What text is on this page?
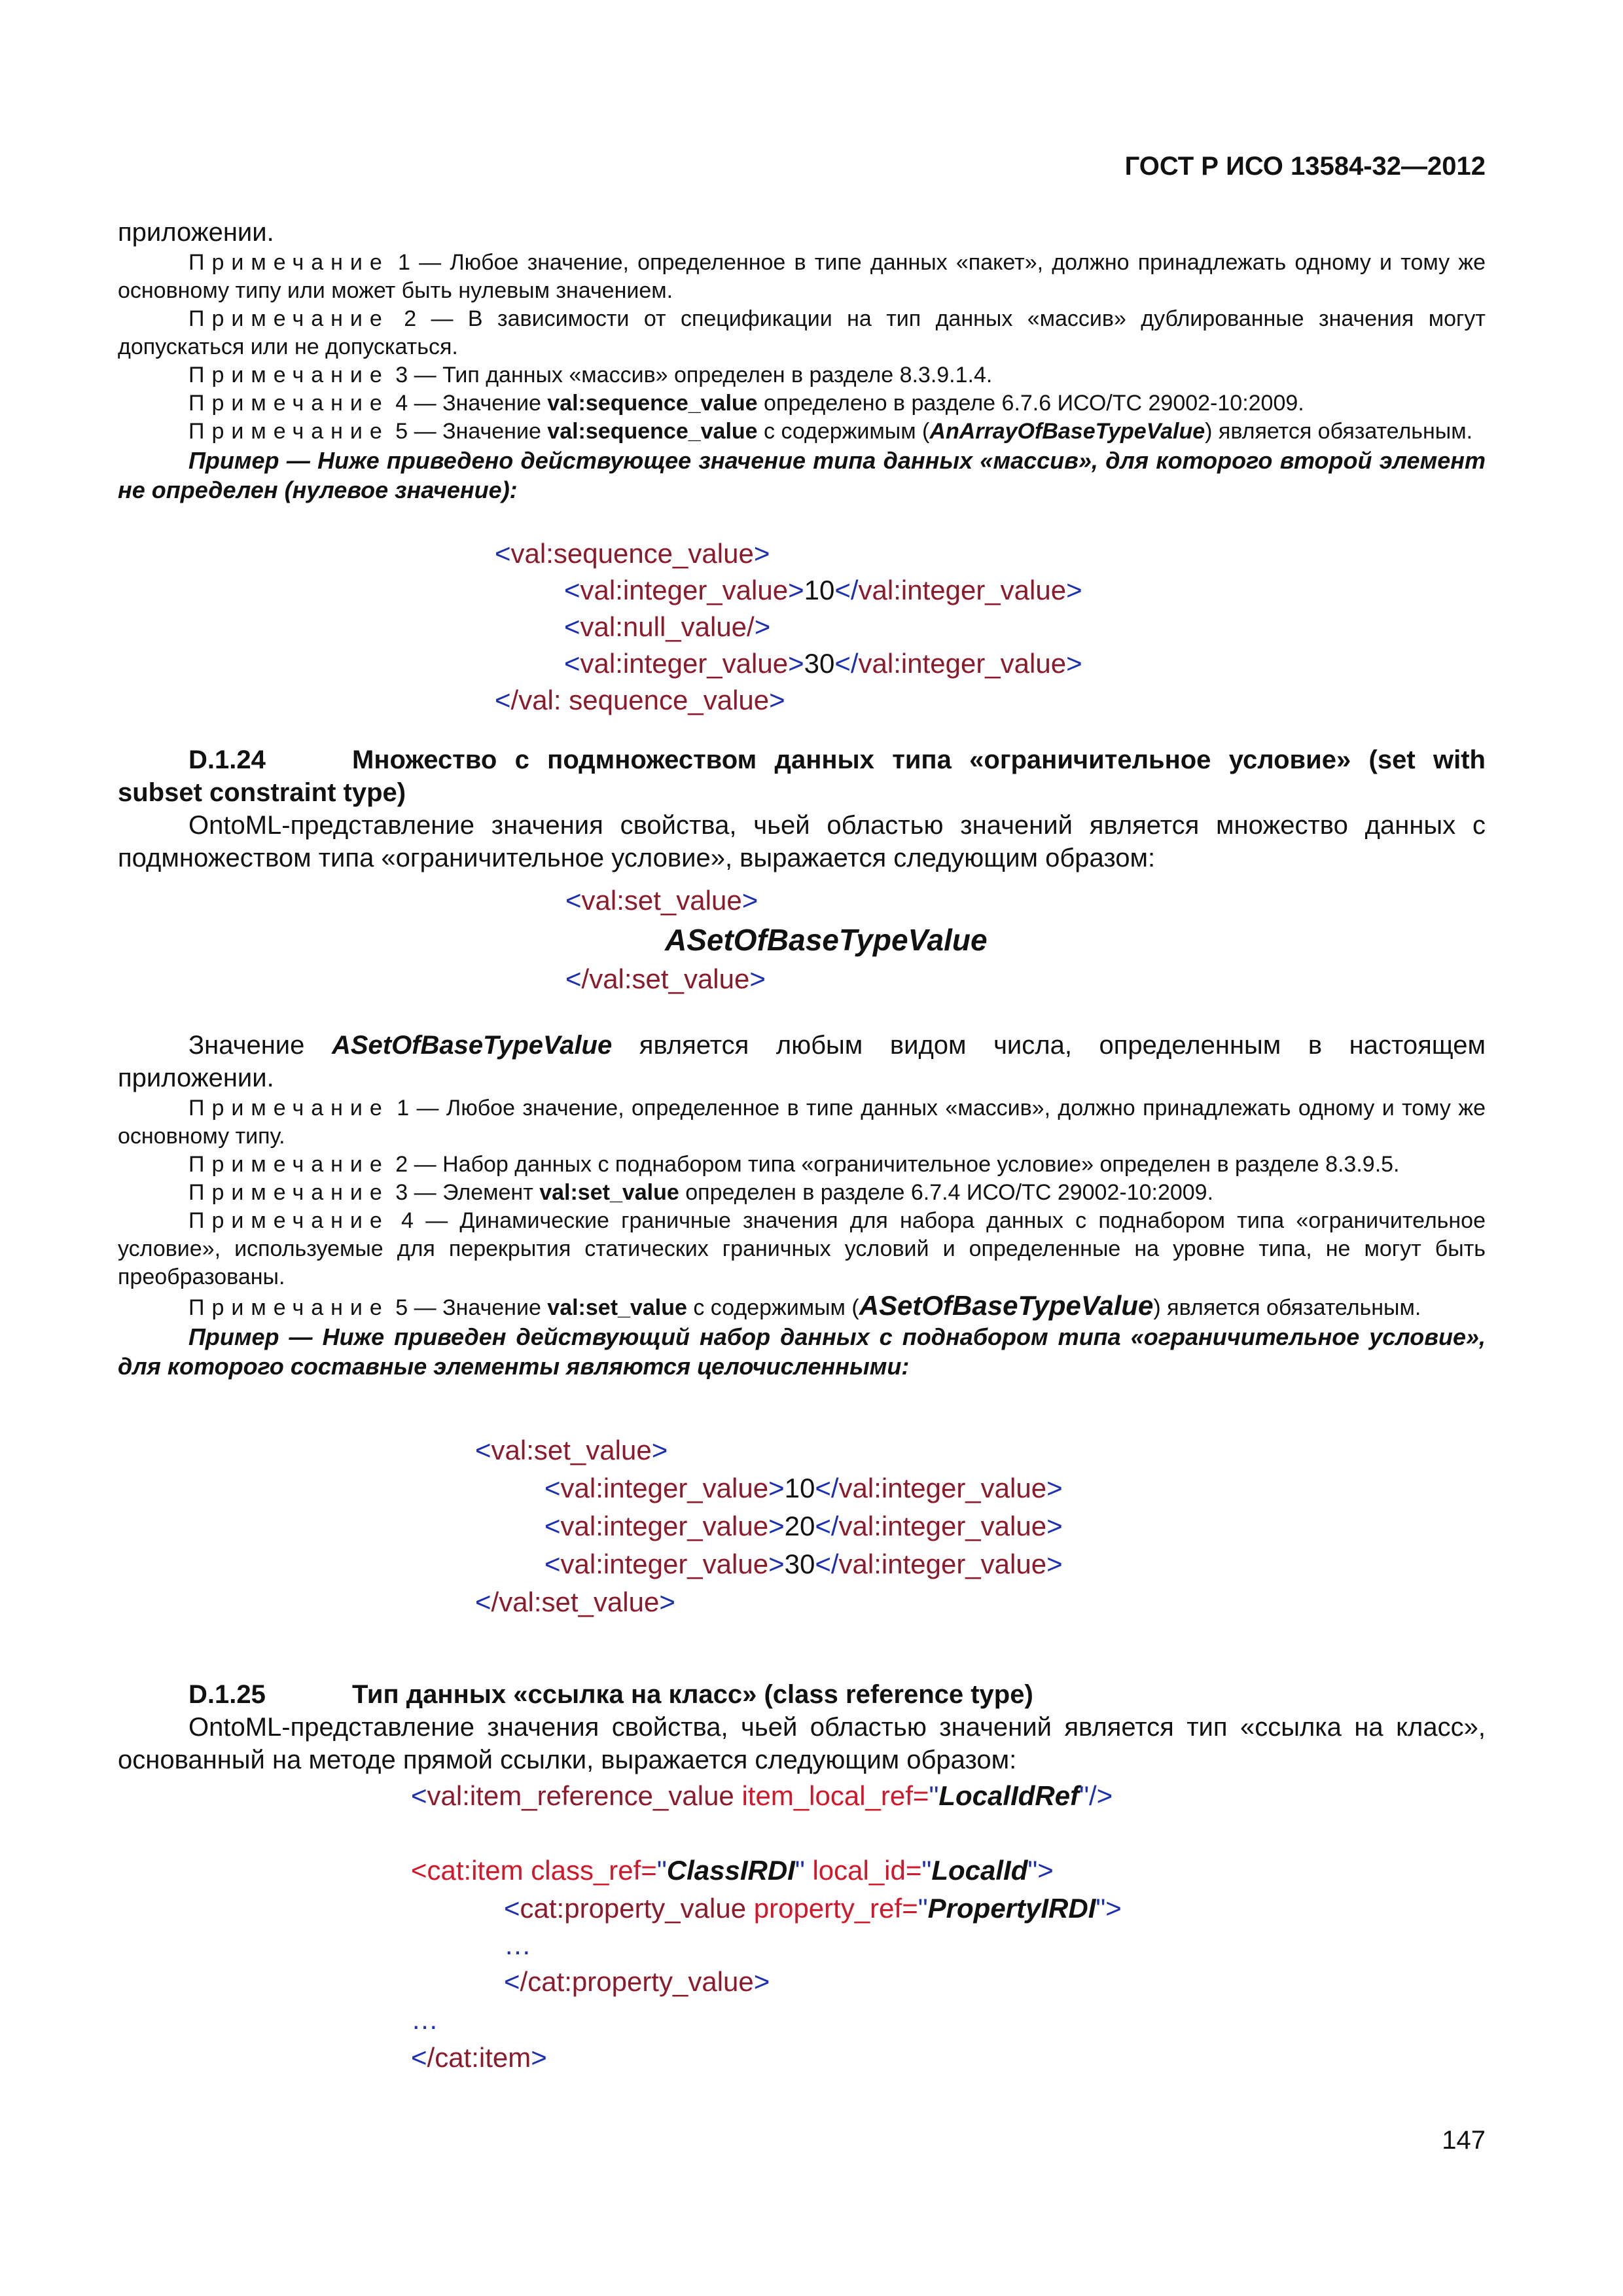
ГОСТ Р ИСО 13584-32—2012
приложении.
Примечание 1 — Любое значение, определенное в типе данных «пакет», должно принадлежать одному и тому же основному типу или может быть нулевым значением.
Примечание 2 — В зависимости от спецификации на тип данных «массив» дублированные значения могут допускаться или не допускаться.
Примечание 3 — Тип данных «массив» определен в разделе 8.3.9.1.4.
Примечание 4 — Значение val:sequence_value определено в разделе 6.7.6 ИСО/ТС 29002-10:2009.
Примечание 5 — Значение val:sequence_value с содержимым (AnArrayOfBaseTypeValue) является обязательным.
Пример — Ниже приведено действующее значение типа данных «массив», для которого второй элемент не определен (нулевое значение):
<val:sequence_value>
<val:integer_value>10</val:integer_value>
<val:null_value/>
<val:integer_value>30</val:integer_value>
</val: sequence_value>
D.1.24	Множество с подмножеством данных типа «ограничительное условие» (set with subset constraint type)
OntoML-представление значения свойства, чьей областью значений является множество данных с подмножеством типа «ограничительное условие», выражается следующим образом:
<val:set_value>
ASetOfBaseTypeValue
</val:set_value>
Значение ASetOfBaseTypeValue является любым видом числа, определенным в настоящем приложении.
Примечание 1 — Любое значение, определенное в типе данных «массив», должно принадлежать одному и тому же основному типу.
Примечание 2 — Набор данных с поднабором типа «ограничительное условие» определен в разделе 8.3.9.5.
Примечание 3 — Элемент val:set_value определен в разделе 6.7.4 ИСО/ТС 29002-10:2009.
Примечание 4 — Динамические граничные значения для набора данных с поднабором типа «ограничительное условие», используемые для перекрытия статических граничных условий и определенные на уровне типа, не могут быть преобразованы.
Примечание 5 — Значение val:set_value с содержимым (ASetOfBaseTypeValue) является обязательным.
Пример — Ниже приведен действующий набор данных с поднабором типа «ограничительное условие», для которого составные элементы являются целочисленными:
<val:set_value>
<val:integer_value>10</val:integer_value>
<val:integer_value>20</val:integer_value>
<val:integer_value>30</val:integer_value>
</val:set_value>
D.1.25	Тип данных «ссылка на класс» (class reference type)
OntoML-представление значения свойства, чьей областью значений является тип «ссылка на класс», основанный на методе прямой ссылки, выражается следующим образом:
<val:item_reference_value item_local_ref="LocalIdRef"/>
<cat:item class_ref="ClassIRDI" local_id="LocalId">
<cat:property_value property_ref="PropertyIRDI">
…
</cat:property_value>
…
</cat:item>
147
